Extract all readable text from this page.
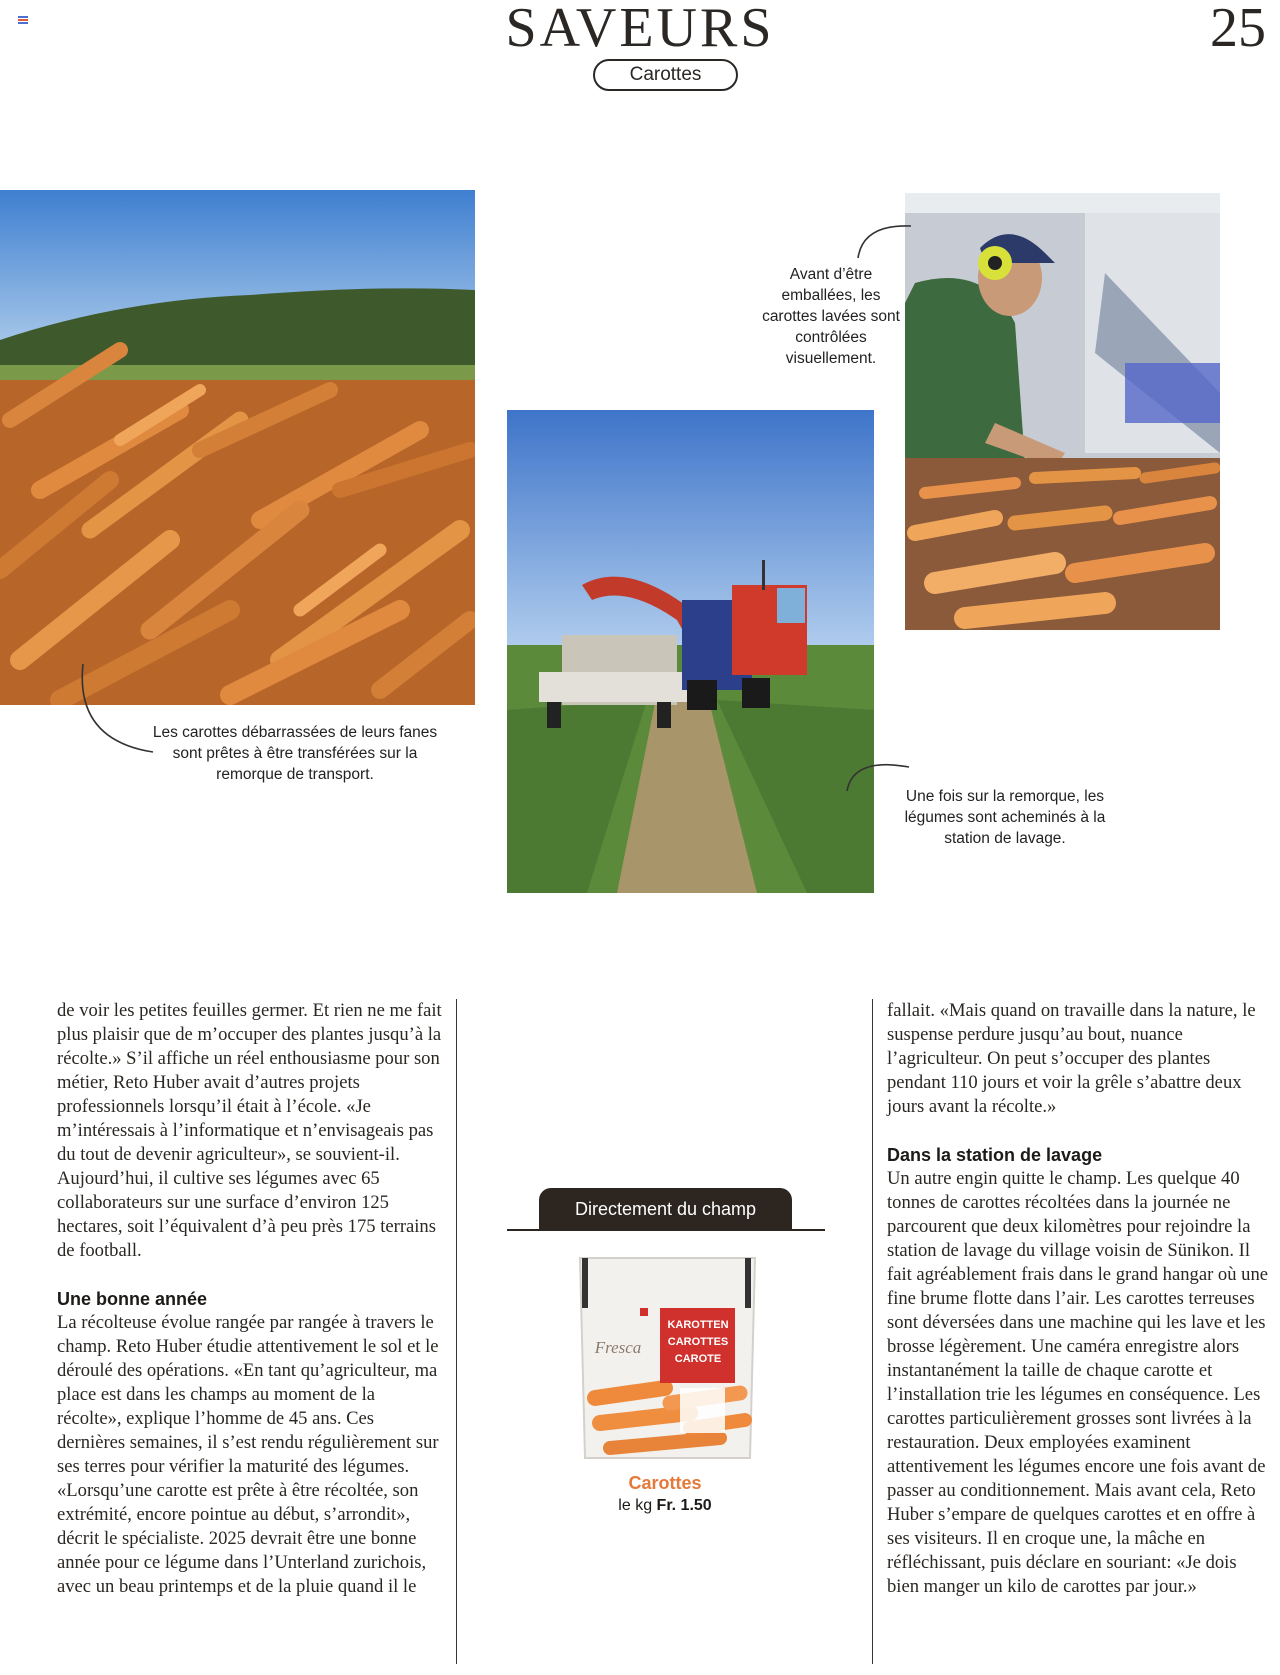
SAVEURS	25
Carottes
Les carottes débarrassées de leurs fanes sont prêtes à être transférées sur la remorque de transport.
Une fois sur la remorque, les légumes sont acheminés à la station de lavage.
Avant d’être emballées, les carottes lavées sont contrôlées visuellement.

de voir les petites feuilles germer. Et rien ne me fait plus plaisir que de m’occuper des plantes jusqu’à la récolte.» S’il affiche un réel enthousiasme pour son métier, Reto Huber avait d’autres projets professionnels lorsqu’il était à l’école. «Je m’intéressais à l’informatique et n’envisageais pas du tout de devenir agriculteur», se souvient-il. Aujourd’hui, il cultive ses légumes avec 65 collaborateurs sur une surface d’environ 125 hectares, soit l’équivalent d’à peu près 175 terrains de football.

Une bonne année

La récolteuse évolue rangée par rangée à travers le champ. Reto Huber étudie attentivement le sol et le déroulé des opérations. «En tant qu’agriculteur, ma place est dans les champs au moment de la récolte», explique l’homme de 45 ans. Ces dernières semaines, il s’est rendu régulièrement sur ses terres pour vérifier la maturité des légumes. «Lorsqu’une carotte est prête à être récoltée, son extrémité, encore pointue au début, s’arrondit», décrit le spécialiste. 2025 devrait être une bonne année pour ce légume dans l’Unterland zurichois, avec un beau printemps et de la pluie quand il le

Directement du champ
KAROTTEN
CAROTTES
CAROTE
Fresca
Carottes
le kg Fr. 1.50

fallait. «Mais quand on travaille dans la nature, le suspense perdure jusqu’au bout, nuance l’agriculteur. On peut s’occuper des plantes pendant 110 jours et voir la grêle s’abattre deux jours avant la récolte.»

Dans la station de lavage

Un autre engin quitte le champ. Les quelque 40 tonnes de carottes récoltées dans la journée ne parcourent que deux kilomètres pour rejoindre la station de lavage du village voisin de Sünikon. Il fait agréablement frais dans le grand hangar où une fine brume flotte dans l’air. Les carottes terreuses sont déversées dans une machine qui les lave et les brosse légèrement. Une caméra enregistre alors instantanément la taille de chaque carotte et l’installation trie les légumes en conséquence. Les carottes particulièrement grosses sont livrées à la restauration. Deux employées examinent attentivement les légumes encore une fois avant de passer au conditionnement. Mais avant cela, Reto Huber s’empare de quelques carottes et en offre à ses visiteurs. Il en croque une, la mâche en réfléchissant, puis déclare en souriant: «Je dois bien manger un kilo de carottes par jour.»
